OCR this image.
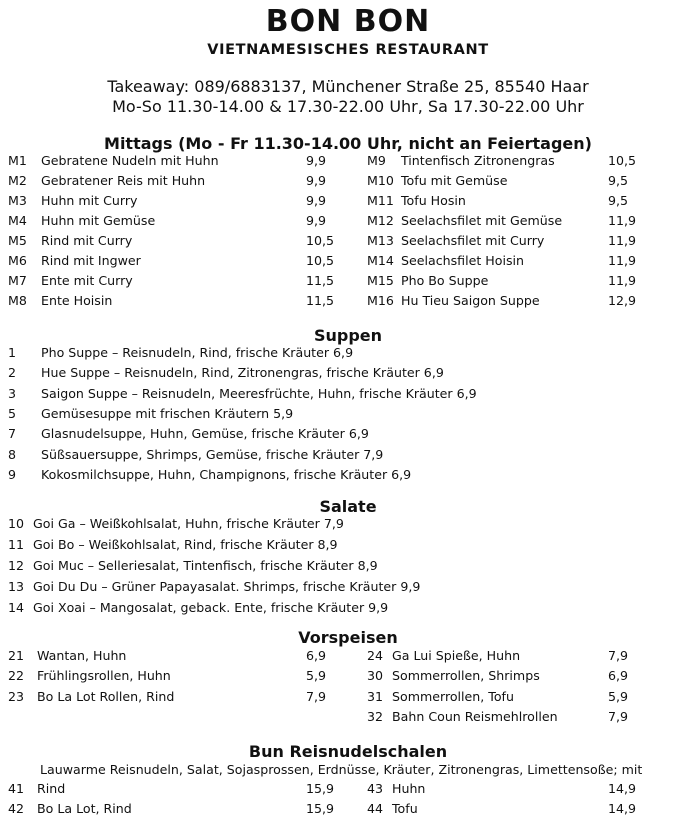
BON BON
VIETNAMESISCHES RESTAURANT
Takeaway: 089/6883137, Münchener Straße 25, 85540 Haar
Mo-So 11.30-14.00 & 17.30-22.00 Uhr, Sa 17.30-22.00 Uhr
Mittags (Mo - Fr 11.30-14.00 Uhr, nicht an Feiertagen)
M1 Gebratene Nudeln mit Huhn	9,9
M2 Gebratener Reis mit Huhn	9,9
M3 Huhn mit Curry	9,9
M4 Huhn mit Gemüse	9,9
M5 Rind mit Curry	10,5
M6 Rind mit Ingwer	10,5
M7 Ente mit Curry	11,5
M8 Ente Hoisin	11,5
M9 Tintenfisch Zitronengras	10,5
M10 Tofu mit Gemüse	9,5
M11 Tofu Hosin	9,5
M12 Seelachsfilet mit Gemüse	11,9
M13 Seelachsfilet mit Curry	11,9
M14 Seelachsfilet Hoisin	11,9
M15 Pho Bo Suppe	11,9
M16 Hu Tieu Saigon Suppe	12,9
Suppen
1 Pho Suppe – Reisnudeln, Rind, frische Kräuter 6,9
2 Hue Suppe – Reisnudeln, Rind, Zitronengras, frische Kräuter 6,9
3 Saigon Suppe – Reisnudeln, Meeresfrüchte, Huhn, frische Kräuter 6,9
5 Gemüsesuppe mit frischen Kräutern 5,9
7 Glasnudelsuppe, Huhn, Gemüse, frische Kräuter 6,9
8 Süßsauersuppe, Shrimps, Gemüse, frische Kräuter 7,9
9 Kokosmilchsuppe, Huhn, Champignons, frische Kräuter 6,9
Salate
10 Goi Ga – Weißkohlsalat, Huhn, frische Kräuter 7,9
11 Goi Bo – Weißkohlsalat, Rind, frische Kräuter 8,9
12 Goi Muc – Selleriesalat, Tintenfisch, frische Kräuter 8,9
13 Goi Du Du – Grüner Papayasalat. Shrimps, frische Kräuter 9,9
14 Goi Xoai – Mangosalat, geback. Ente, frische Kräuter 9,9
Vorspeisen
21 Wantan, Huhn	6,9
22 Frühlingsrollen, Huhn	5,9
23 Bo La Lot Rollen, Rind	7,9
24 Ga Lui Spieße, Huhn	7,9
30 Sommerrollen, Shrimps	6,9
31 Sommerrollen, Tofu	5,9
32 Bahn Coun Reismehlrollen	7,9
Bun Reisnudelschalen
Lauwarme Reisnudeln, Salat, Sojasprossen, Erdnüsse, Kräuter, Zitronengras, Limettensoße; mit
41 Rind	15,9
42 Bo La Lot, Rind	15,9
43 Huhn	14,9
44 Tofu	14,9
